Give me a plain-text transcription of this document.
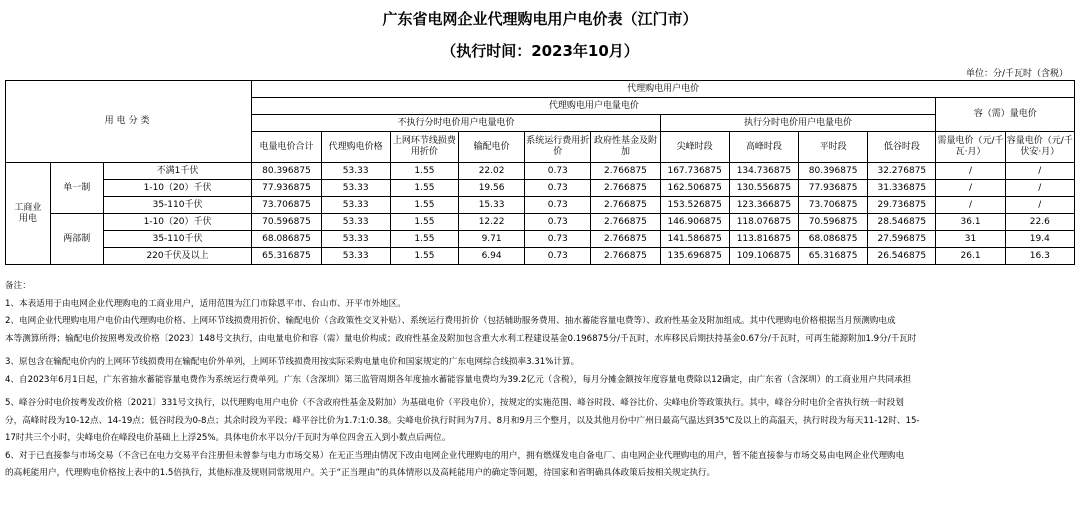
广东省电网企业代理购电用户电价表（江门市）
（执行时间：2023年10月）
单位：分/千瓦时（含税）
用电分类			代理购电用户电价											
			代理购电用户电量电价										容（需）量电价	
			不执行分时电价用户电量电价						执行分时电价用户电量电价					
			电量电价合计	代理购电价格	上网环节线损费用折价	输配电价	系统运行费用折价	政府性基金及附加	尖峰时段	高峰时段	平时段	低谷时段	需量电价（元/千瓦·月）	容量电价（元/千伏安·月）
工商业用电	单一制	不满1千伏	80.396875	53.33	1.55	22.02	0.73	2.766875	167.736875	134.736875	80.396875	32.276875	/	/
		1-10（20）千伏	77.936875	53.33	1.55	19.56	0.73	2.766875	162.506875	130.556875	77.936875	31.336875	/	/
		35-110千伏	73.706875	53.33	1.55	15.33	0.73	2.766875	153.526875	123.366875	73.706875	29.736875	/	/
	两部制	1-10（20）千伏	70.596875	53.33	1.55	12.22	0.73	2.766875	146.906875	118.076875	70.596875	28.546875	36.1	22.6
		35-110千伏	68.086875	53.33	1.55	9.71	0.73	2.766875	141.586875	113.816875	68.086875	27.596875	31	19.4
		220千伏及以上	65.316875	53.33	1.55	6.94	0.73	2.766875	135.696875	109.106875	65.316875	26.546875	26.1	16.3
备注：
1、本表适用于由电网企业代理购电的工商业用户，适用范围为江门市除恩平市、台山市、开平市外地区。
2、电网企业代理购电用户电价由代理购电价格、上网环节线损费用折价、输配电价（含政策性交叉补贴）、系统运行费用折价（包括辅助服务费用、抽水蓄能容量电费等）、政府性基金及附加组成。其中代理购电价格根据当月预测购电成
本等测算所得；输配电价按照粤发改价格〔2023〕148号文执行，由电量电价和容（需）量电价构成；政府性基金及附加包含重大水利工程建设基金0.196875分/千瓦时，水库移民后期扶持基金0.67分/千瓦时，可再生能源附加1.9分/千瓦时
3、原包含在输配电价内的上网环节线损费用在输配电价外单列，上网环节线损费用按实际采购电量电价和国家规定的广东电网综合线损率3.31%计算。
4、自2023年6月1日起，广东省抽水蓄能容量电费作为系统运行费单列。广东（含深圳）第三监管周期各年度抽水蓄能容量电费均为39.2亿元（含税），每月分摊金额按年度容量电费除以12确定，由广东省（含深圳）的工商业用户共同承担
5、峰谷分时电价按粤发改价格〔2021〕331号文执行，以代理购电用户电价（不含政府性基金及附加）为基础电价（平段电价），按规定的实施范围、峰谷时段、峰谷比价、尖峰电价等政策执行。其中，峰谷分时电价全省执行统一时段划
分，高峰时段为10-12点、14-19点；低谷时段为0-8点；其余时段为平段；峰平谷比价为1.7:1:0.38。尖峰电价执行时间为7月、8月和9月三个整月，以及其他月份中广州日最高气温达到35℃及以上的高温天，执行时段为每天11-12时、15-
17时共三个小时，尖峰电价在峰段电价基础上上浮25%。具体电价水平以分/千瓦时为单位四舍五入到小数点后两位。
6、对于已直接参与市场交易（不含已在电力交易平台注册但未曾参与电力市场交易）在无正当理由情况下改由电网企业代理购电的用户，拥有燃煤发电自备电厂、由电网企业代理购电的用户，暂不能直接参与市场交易由电网企业代理购电
的高耗能用户，代理购电价格按上表中的1.5倍执行，其他标准及规则同常规用户。关于“正当理由”的具体情形以及高耗能用户的确定等问题，待国家和省明确具体政策后按相关规定执行。
